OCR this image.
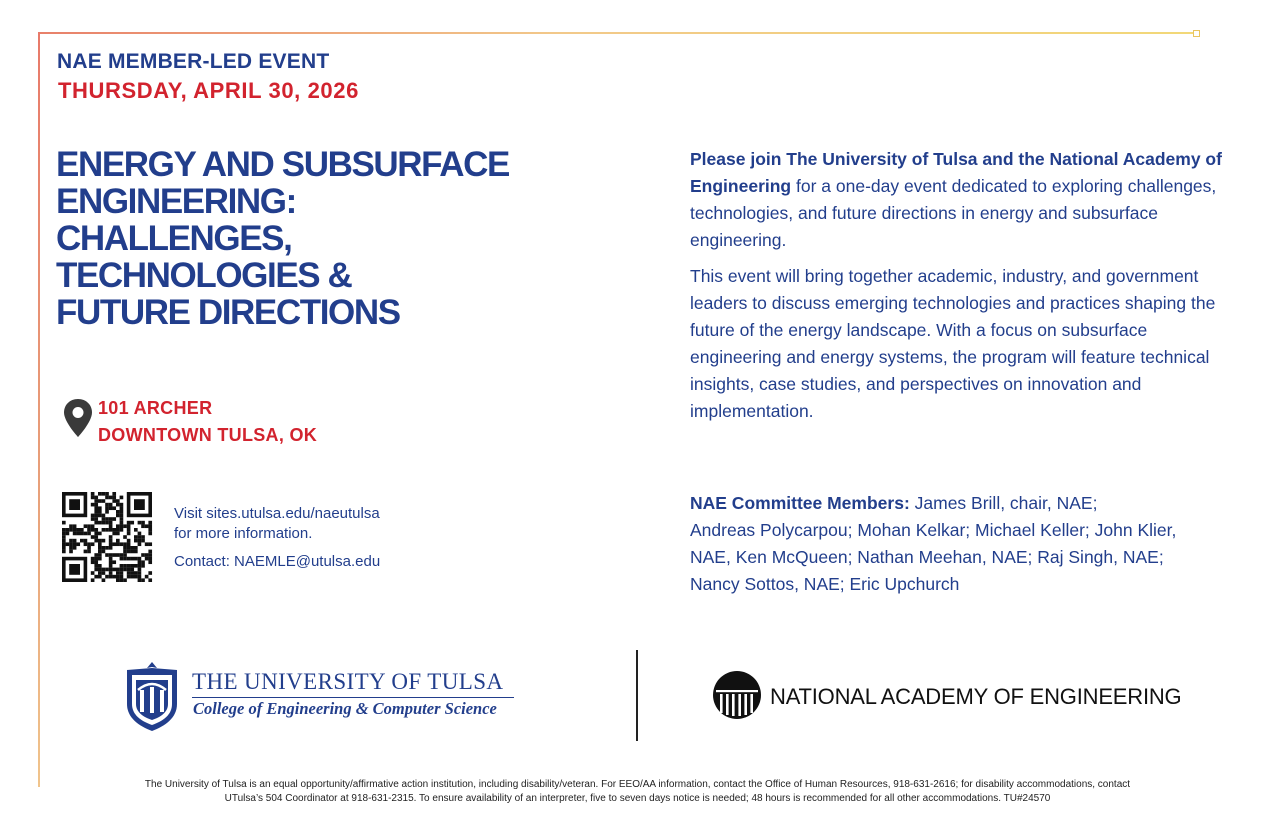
NAE MEMBER-LED EVENT
THURSDAY, APRIL 30, 2026
ENERGY AND SUBSURFACE
ENGINEERING:
CHALLENGES,
TECHNOLOGIES &
FUTURE DIRECTIONS
101 ARCHER
DOWNTOWN TULSA, OK
Visit sites.utulsa.edu/naeutulsa
for more information.
Contact: NAEMLE@utulsa.edu
Please join The University of Tulsa and the National Academy of Engineering for a one-day event dedicated to exploring challenges, technologies, and future directions in energy and subsurface engineering.
This event will bring together academic, industry, and government leaders to discuss emerging technologies and practices shaping the future of the energy landscape. With a focus on subsurface engineering and energy systems, the program will feature technical insights, case studies, and perspectives on innovation and implementation.
NAE Committee Members: James Brill, chair, NAE;
Andreas Polycarpou; Mohan Kelkar; Michael Keller; John Klier,
NAE, Ken McQueen; Nathan Meehan, NAE; Raj Singh, NAE;
Nancy Sottos, NAE; Eric Upchurch
THE UNIVERSITY OF TULSA
College of Engineering & Computer Science	NATIONAL ACADEMY OF ENGINEERING
The University of Tulsa is an equal opportunity/affirmative action institution, including disability/veteran. For EEO/AA information, contact the Office of Human Resources, 918-631-2616; for disability accommodations, contact
UTulsa’s 504 Coordinator at 918-631-2315. To ensure availability of an interpreter, five to seven days notice is needed; 48 hours is recommended for all other accommodations. TU#24570
